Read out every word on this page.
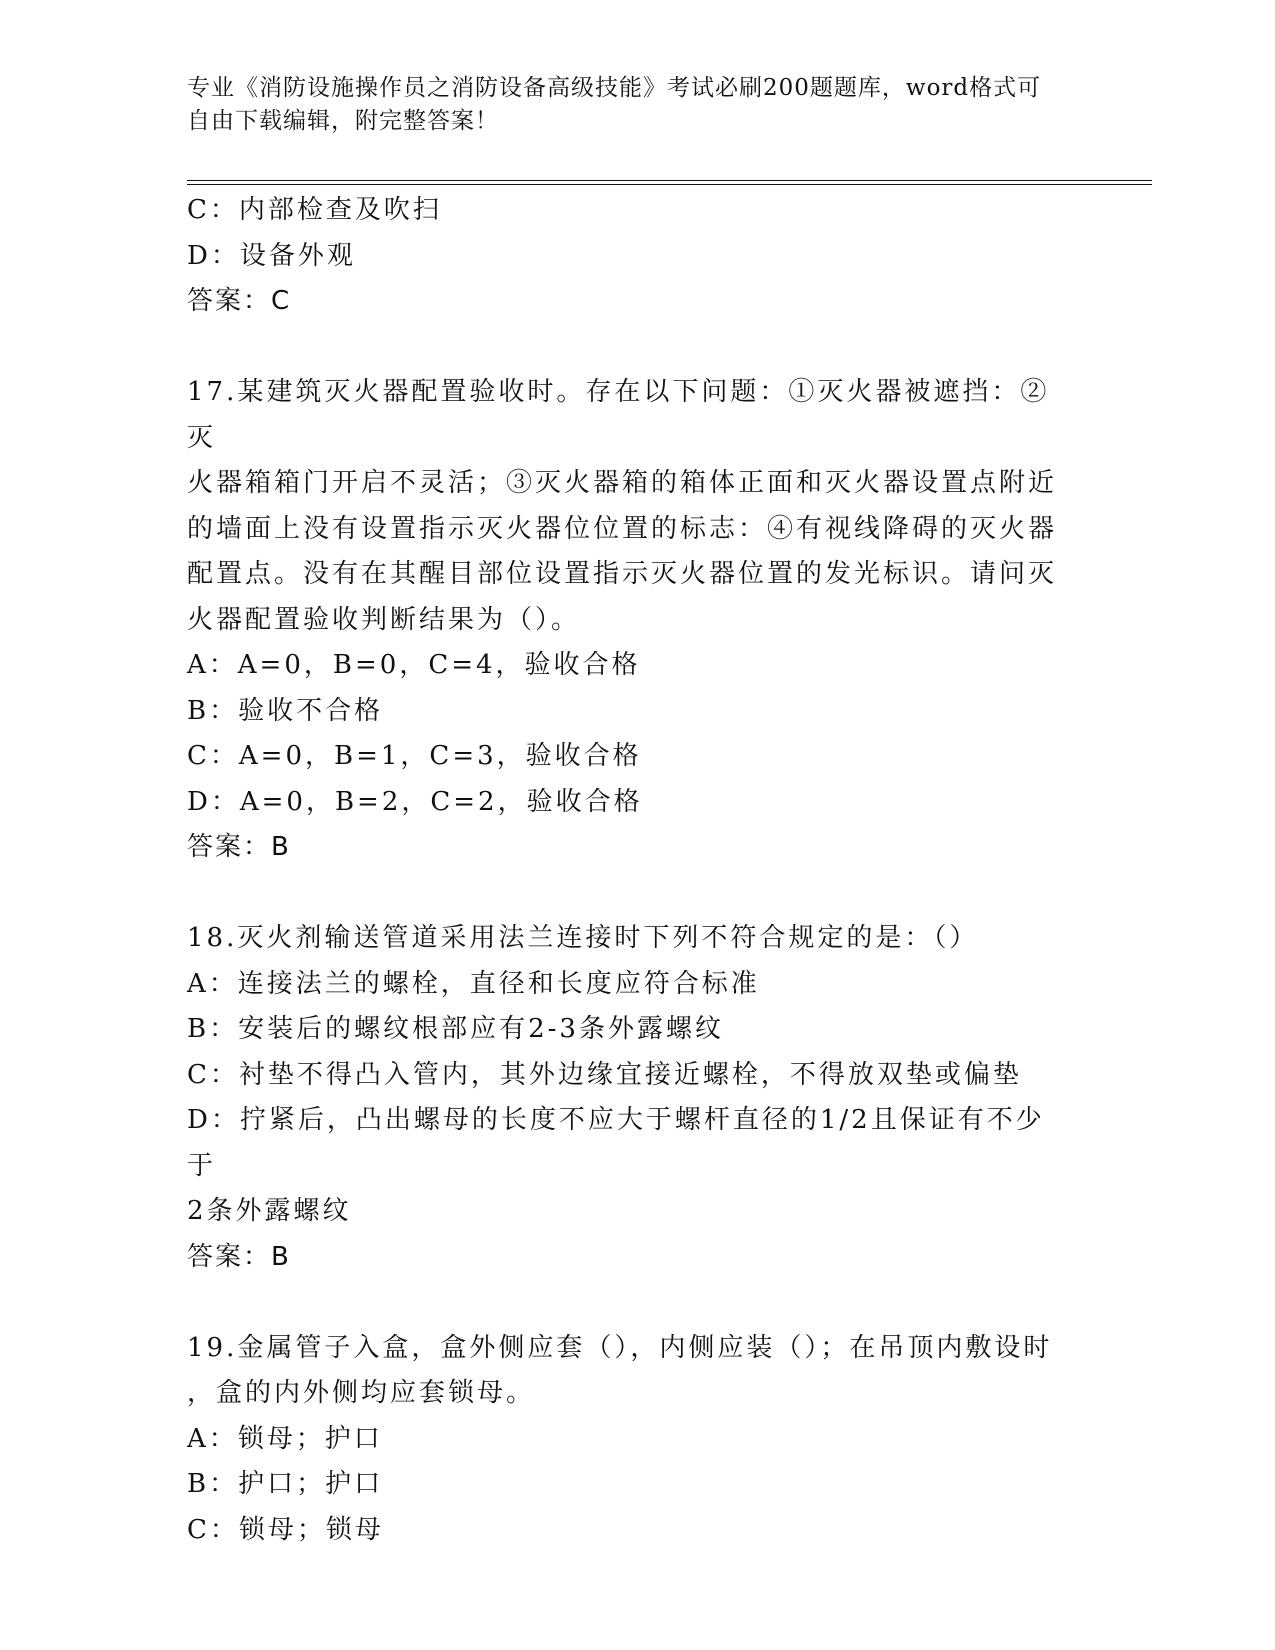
专业《消防设施操作员之消防设备高级技能》考试必刷200题题库，word格式可
自由下载编辑，附完整答案！
C：内部检查及吹扫
D：设备外观
答案：C
17.某建筑灭火器配置验收时。存在以下问题：①灭火器被遮挡：②灭
火器箱箱门开启不灵活；③灭火器箱的箱体正面和灭火器设置点附近
的墙面上没有设置指示灭火器位位置的标志：④有视线降碍的灭火器
配置点。没有在其醒目部位设置指示灭火器位置的发光标识。请问灭
火器配置验收判断结果为（）。
A：A=0，B=0，C=4，验收合格
B：验收不合格
C：A=0，B=1，C=3，验收合格
D：A=0，B=2，C=2，验收合格
答案：B
18.灭火剂输送管道采用法兰连接时下列不符合规定的是：（）
A：连接法兰的螺栓，直径和长度应符合标准
B：安装后的螺纹根部应有2-3条外露螺纹
C：衬垫不得凸入管内，其外边缘宜接近螺栓，不得放双垫或偏垫
D：拧紧后，凸出螺母的长度不应大于螺杆直径的1/2且保证有不少于
2条外露螺纹
答案：B
19.金属管子入盒，盒外侧应套（），内侧应装（）；在吊顶内敷设时
，盒的内外侧均应套锁母。
A：锁母；护口
B：护口；护口
C：锁母；锁母
